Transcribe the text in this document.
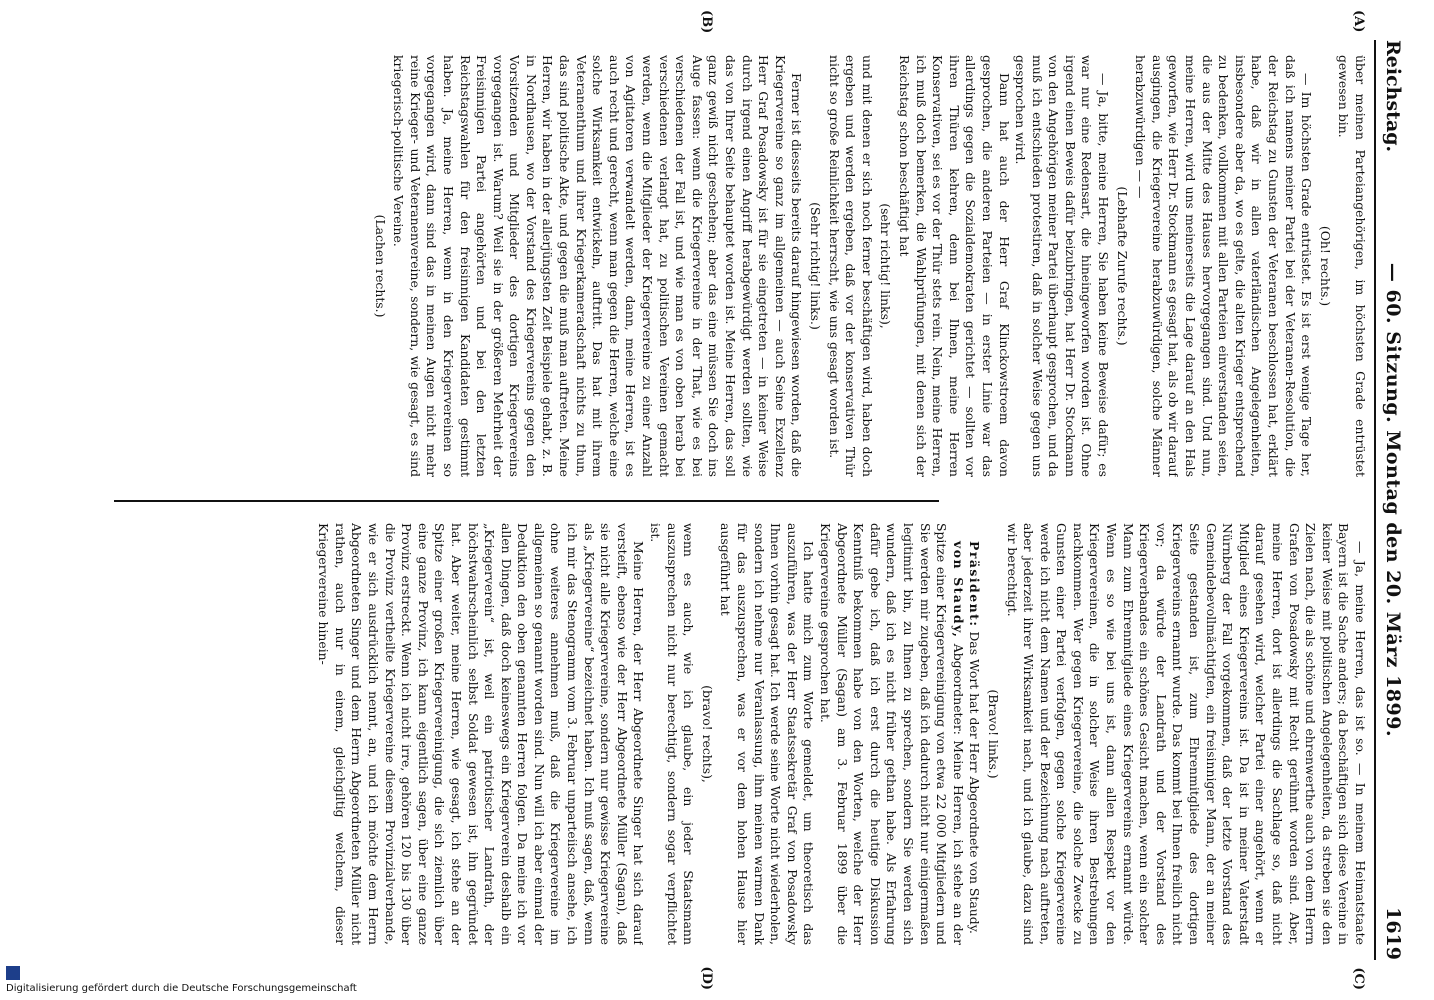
Reichstag.
— 60. Sitzung. Montag den 20. März 1899.
1619
(A)
(B)
(C)
(D)

über meinen Parteiangehörigen, im höchsten Grade entrüstet gewesen bin.

(Oh! rechts.)

— Im höchsten Grade entrüstet. Es ist erst wenige Tage her, daß ich namens meiner Partei bei der Veteranen-Resolution, die der Reichstag zu Gunsten der Veteranen beschlossen hat, erklärt habe, daß wir in allen vaterländischen Angelegenheiten, insbesondere aber da, wo es gelte, die alten Krieger entsprechend zu bedenken, vollkommen mit allen Parteien einverstanden seien, die aus der Mitte des Hauses hervorgegangen sind. Und nun, meine Herren, wird uns meinerseits die Lage darauf an den Hals geworfen, wie Herr Dr. Stockmann es gesagt hat, als ob wir darauf ausgingen, die Kriegervereine herabzuwürdigen, solche Männer herabzuwürdigen — —

(Lebhafte Zurufe rechts.)

— Ja, bitte, meine Herren, Sie haben keine Beweise dafür; es war nur eine Redensart, die hineingeworfen worden ist. Ohne irgend einen Beweis dafür beizubringen, hat Herr Dr. Stockmann von den Angehörigen meiner Partei überhaupt gesprochen, und da muß ich entschieden protestiren, daß in solcher Weise gegen uns gesprochen wird.

Dann hat auch der Herr Graf Klinckowstroem davon gesprochen, die anderen Parteien — in erster Linie war das allerdings gegen die Sozialdemokraten gerichtet — sollten vor ihren Thüren kehren, denn bei Ihnen, meine Herren Konservativen, sei es vor der Thür stets rein. Nein, meine Herren, ich muß doch bemerken, die Wahlprüfungen, mit denen sich der Reichstag schon beschäftigt hat

(sehr richtig! links),

und mit denen er sich noch ferner beschäftigen wird, haben doch ergeben und werden ergeben, daß vor der konservativen Thür nicht so große Reinlichkeit herrscht, wie uns gesagt worden ist.

(Sehr richtig! links.)

Ferner ist diesseits bereits darauf hingewiesen worden, daß die Kriegervereine so ganz im allgemeinen — auch Seine Exzellenz Herr Graf Posadowsky ist für sie eingetreten — in keiner Weise durch irgend einen Angriff herabgewürdigt werden sollten, wie das von Ihrer Seite behauptet worden ist. Meine Herren, das soll ganz gewiß nicht geschehen; aber das eine müssen Sie doch ins Auge fassen: wenn die Kriegervereine in der That, wie es bei verschiedenen der Fall ist, und wie man es von oben herab bei verschiedenen verlangt hat, zu politischen Vereinen gemacht werden, wenn die Mitglieder der Kriegervereine zu einer Anzahl von Agitatoren verwandelt werden, dann, meine Herren, ist es auch recht und gerecht, wenn man gegen die Herren, welche eine solche Wirksamkeit entwickeln, auftritt. Das hat mit ihrem Veteranenthum und ihrer Kriegerkameradschaft nichts zu thun, das sind politische Akte, und gegen die muß man auftreten. Meine Herren, wir haben in der allerjüngsten Zeit Beispiele gehabt, z. B. in Nordhausen, wo der Vorstand des Kriegervereins gegen den Vorsitzenden und Mitglieder des dortigen Kriegervereins vorgegangen ist. Warum? Weil sie in der größeren Mehrheit der Freisinnigen Partei angehörten und bei den letzten Reichstagswahlen für den freisinnigen Kandidaten gestimmt haben. Ja, meine Herren, wenn in den Kriegervereinen so vorgegangen wird, dann sind das in meinen Augen nicht mehr reine Krieger- und Veteranenvereine, sondern, wie gesagt, es sind kriegerisch-politische Vereine.

(Lachen rechts.)

— Ja, meine Herren, das ist so. — In meinem Heimatstaate Bayern ist die Sache anders; da beschäftigen sich diese Vereine in keiner Weise mit politischen Angelegenheiten, da streben sie den Zielen nach, die als schöne und ehrenwerthe auch von dem Herrn Grafen von Posadowsky mit Recht gerühmt worden sind. Aber, meine Herren, dort ist allerdings die Sachlage so, daß nicht darauf gesehen wird, welcher Partei einer angehört, wenn er Mitglied eines Kriegervereins ist. Da ist in meiner Vaterstadt Nürnberg der Fall vorgekommen, daß der letzte Vorstand des Gemeindebevollmächtigten, ein freisinniger Mann, der an meiner Seite gestanden ist, zum Ehrenmitgliede des dortigen Kriegervereins ernannt wurde. Das kommt bei Ihnen freilich nicht vor; da würde der Landrath und der Vorstand des Kriegerverbandes ein schönes Gesicht machen, wenn ein solcher Mann zum Ehrenmitgliede eines Kriegervereins ernannt würde. Wenn es so wie bei uns ist, dann allen Respekt vor den Kriegervereinen, die in solcher Weise ihren Bestrebungen nachkommen. Wer gegen Kriegervereine, die solche Zwecke zu Gunsten einer Partei verfolgen, gegen solche Kriegervereine werde ich nicht dem Namen und der Bezeichnung nach auftreten, aber jederzeit ihrer Wirksamkeit nach, und ich glaube, dazu sind wir berechtigt.

(Bravo! links.)

Präsident: Das Wort hat der Herr Abgeordnete von Staudy.

von Staudy, Abgeordneter: Meine Herren, ich stehe an der Spitze einer Kriegervereinigung von etwa 22 000 Mitgliedern und Sie werden mir zugeben, daß ich dadurch nicht nur einigermaßen legitimirt bin, zu Ihnen zu sprechen, sondern Sie werden sich wundern, daß ich es nicht früher gethan habe. Als Erfahrung dafür gebe ich, daß ich erst durch die heutige Diskussion Kenntniß bekommen habe von den Worten, welche der Herr Abgeordnete Müller (Sagan) am 3. Februar 1899 über die Kriegervereine gesprochen hat.

Ich hatte mich zum Worte gemeldet, um theoretisch das auszuführen, was der Herr Staatssekretär Graf von Posadowsky Ihnen vorhin gesagt hat. Ich werde seine Worte nicht wiederholen, sondern ich nehme nur Veranlassung, ihm meinen warmen Dank für das auszusprechen, was er vor dem hohen Hause hier ausgeführt hat

(bravo! rechts),

wenn es auch, wie ich glaube, ein jeder Staatsmann auszusprechen nicht nur berechtigt, sondern sogar verpflichtet ist.

Meine Herren, der Herr Abgeordnete Singer hat sich darauf versteift, ebenso wie der Herr Abgeordnete Müller (Sagan), daß sie nicht alle Kriegervereine, sondern nur gewisse Kriegervereine als „Kriegervereine“ bezeichnet haben. Ich muß sagen, daß, wenn ich mir das Stenogramm vom 3. Februar unparteiisch ansehe, ich ohne weiteres annehmen muß, daß die Kriegervereine im allgemeinen so genannt worden sind. Nun will ich aber einmal der Deduktion den oben genannten Herren folgen. Da meine ich vor allen Dingen, daß doch keineswegs ein Kriegerverein deshalb ein „Kriegerverein“ ist, weil ein patriotischer Landrath, der höchstwahrscheinlich selbst Soldat gewesen ist, ihn gegründet hat. Aber weiter, meine Herren, wie gesagt, ich stehe an der Spitze einer großen Kriegervereinigung, die sich ziemlich über eine ganze Provinz, ich kann eigentlich sagen, über eine ganze Provinz erstreckt. Wenn ich nicht irre, gehören 120 bis 130 über die Provinz vertheilte Kriegervereine diesem Provinzialverbande, wie er sich ausdrücklich nennt, an, und ich möchte dem Herrn Abgeordneten Singer und dem Herrn Abgeordneten Müller nicht rathen, auch nur in einem, gleichgiltig welchem, dieser Kriegervereine hinein-

Digitalisierung gefördert durch die Deutsche Forschungsgemeinschaft
